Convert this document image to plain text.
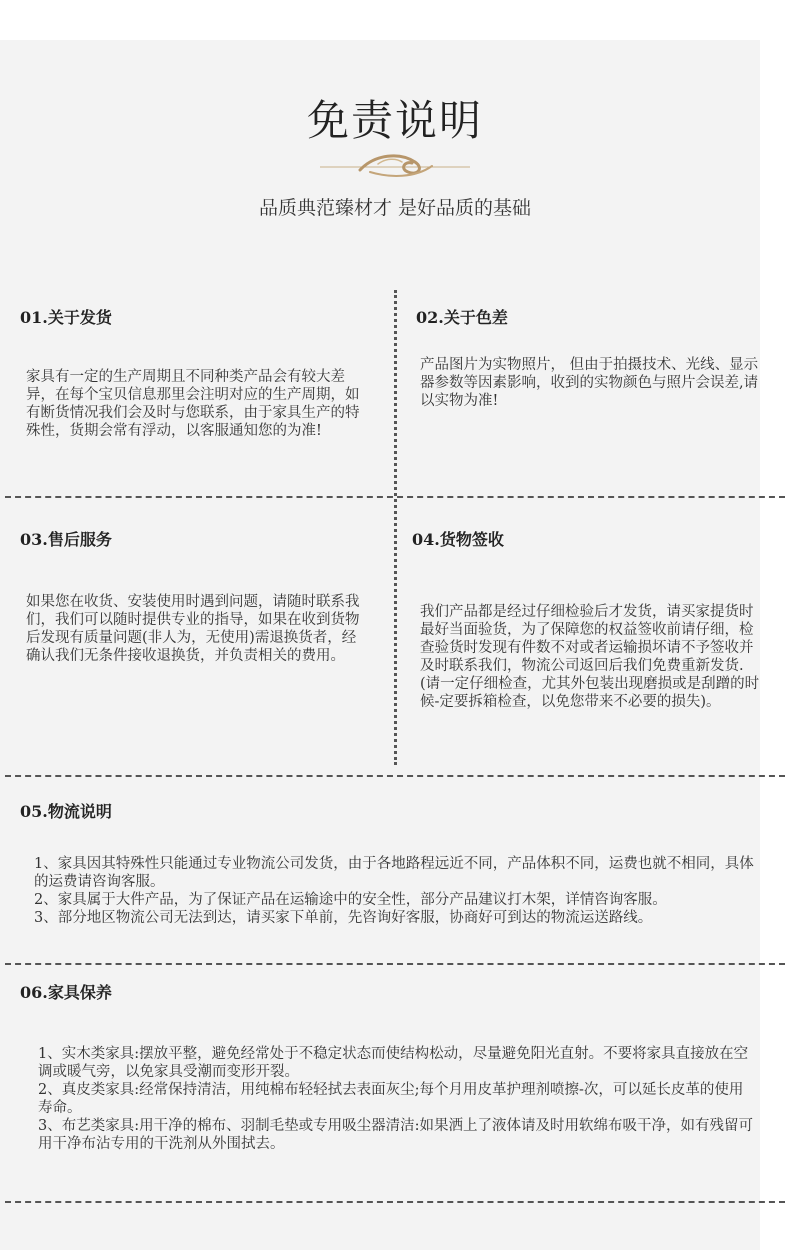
免责说明

品质典范臻材才 是好品质的基础

01.关于发货

家具有一定的生产周期且不同种类产品会有较大差异，在每个宝贝信息那里会注明对应的生产周期，如有断货情况我们会及时与您联系，由于家具生产的特殊性，货期会常有浮动，以客服通知您的为准!

02.关于色差

产品图片为实物照片， 但由于拍摄技术、光线、显示器参数等因素影响，收到的实物颜色与照片会误差,请以实物为准!

03.售后服务

如果您在收货、安装使用时遇到问题，请随时联系我们，我们可以随时提供专业的指导，如果在收到货物后发现有质量问题(非人为，无使用)需退换货者，经确认我们无条件接收退换货，并负责相关的费用。

04.货物签收

我们产品都是经过仔细检验后才发货，请买家提货时最好当面验货，为了保障您的权益签收前请仔细，检查验货时发现有件数不对或者运输损坏请不予签收并及时联系我们，物流公司返回后我们免费重新发货.(请一定仔细检查，尤其外包装出现磨损或是刮蹭的时候-定要拆箱检查，以免您带来不必要的损失)。

05.物流说明

1、家具因其特殊性只能通过专业物流公司发货，由于各地路程远近不同，产品体积不同，运费也就不相同，具体的运费请咨询客服。

2、家具属于大件产品，为了保证产品在运输途中的安全性，部分产品建议打木架，详情咨询客服。

3、部分地区物流公司无法到达，请买家下单前，先咨询好客服，协商好可到达的物流运送路线。

06.家具保养

1、实木类家具:摆放平整，避免经常处于不稳定状态而使结构松动，尽量避免阳光直射。不要将家具直接放在空调或暖气旁，以免家具受潮而变形开裂。

2、真皮类家具:经常保持清洁，用纯棉布轻轻拭去表面灰尘;每个月用皮革护理剂喷擦-次，可以延长皮革的使用寿命。

3、布艺类家具:用干净的棉布、羽制毛垫或专用吸尘器清洁:如果洒上了液体请及时用软绵布吸干净，如有残留可用干净布沾专用的干洗剂从外围拭去。
